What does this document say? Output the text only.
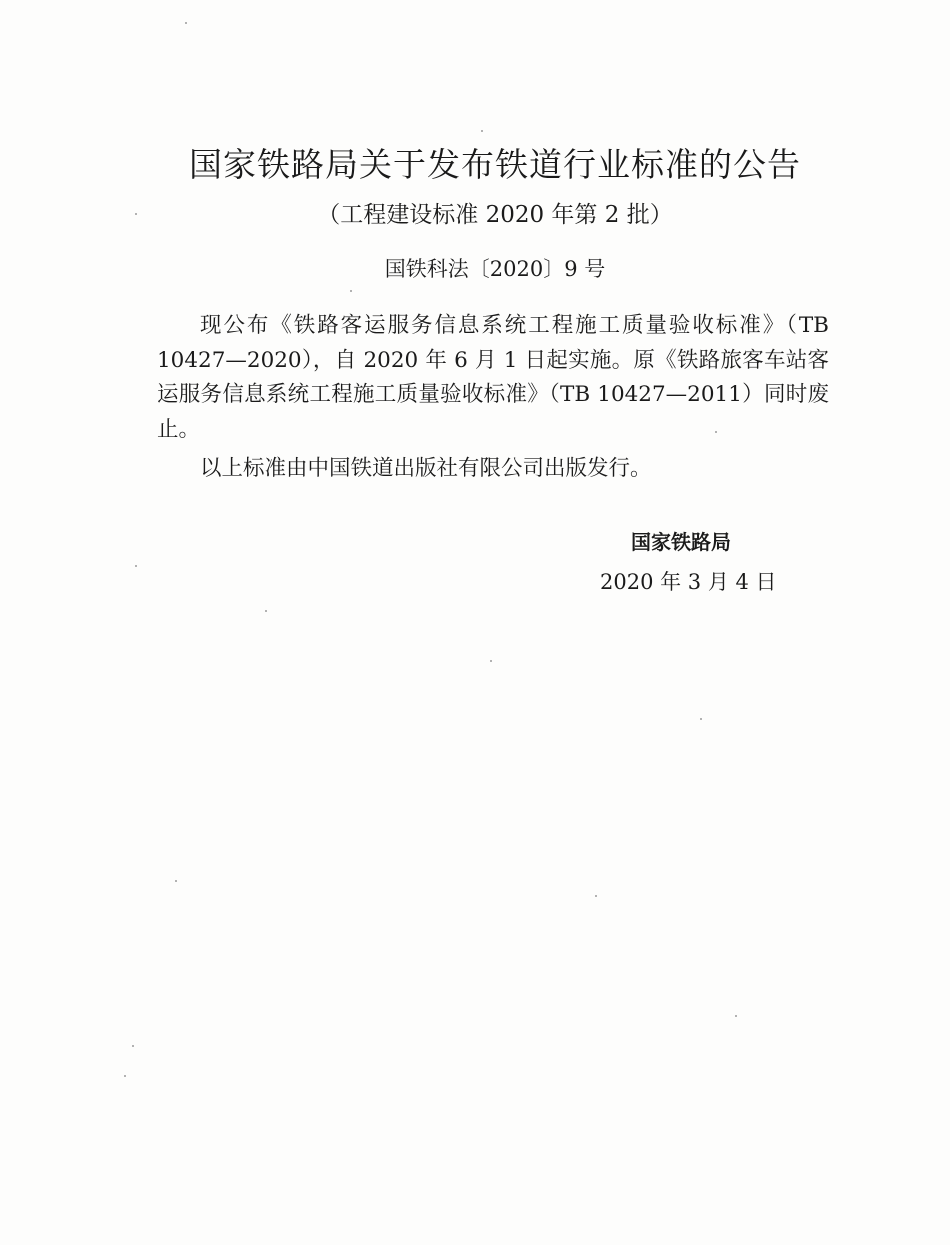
国家铁路局关于发布铁道行业标准的公告
（工程建设标准 2020 年第 2 批）
国铁科法〔2020〕9 号

现公布《铁路客运服务信息系统工程施工质量验收标准》（TB 10427—2020），自 2020 年 6 月 1 日起实施。原《铁路旅客车站客运服务信息系统工程施工质量验收标准》（TB 10427—2011）同时废止。

以上标准由中国铁道出版社有限公司出版发行。

国家铁路局
2020 年 3 月 4 日
